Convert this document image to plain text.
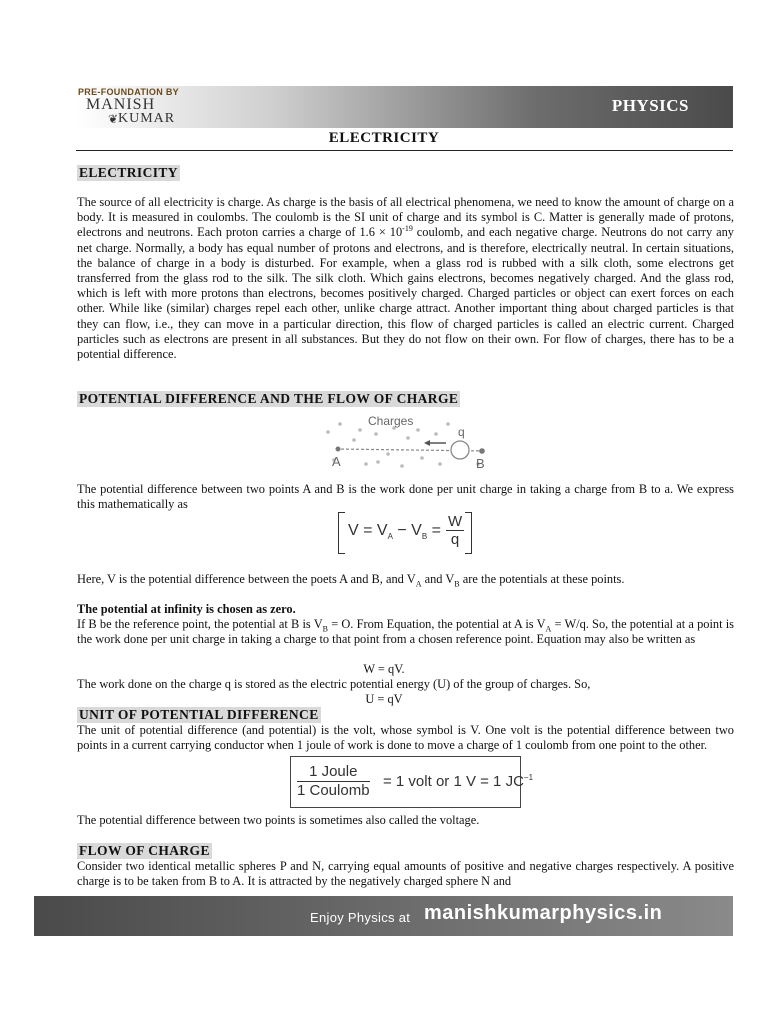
PRE-FOUNDATION BY
MANISH
❦ KUMAR
PHYSICS
ELECTRICITY
ELECTRICITY

The source of all electricity is charge. As charge is the basis of all electrical phenomena, we need to know the amount of charge on a body. It is measured in coulombs. The coulomb is the SI unit of charge and its symbol is C. Matter is generally made of protons, electrons and neutrons. Each proton carries a charge of $1.6 \times 10^{-19}$ coulomb, and each negative charge. Neutrons do not carry any net charge. Normally, a body has equal number of protons and electrons, and is therefore, electrically neutral. In certain situations, the balance of charge in a body is disturbed. For example, when a glass rod is rubbed with a silk cloth, some electrons get transferred from the glass rod to the silk. The silk cloth. Which gains electrons, becomes negatively charged. And the glass rod, which is left with more protons than electrons, becomes positively charged. Charged particles or object can exert forces on each other. While like (similar) charges repel each other, unlike charge attract. Another important thing about charged particles is that they can flow, i.e., they can move in a particular direction, this flow of charged particles is called an electric current. Charged particles such as electrons are present in all substances. But they do not flow on their own. For flow of charges, there has to be a potential difference.

POTENTIAL DIFFERENCE AND THE FLOW OF CHARGE
Charges
q
A	B

The potential difference between two points A and B is the work done per unit charge in taking a charge from B to a. We express this mathematically as

$V = V_A - V_B = \frac{W}{q}$

Here, V is the potential difference between the poets A and B, and $V_A$ and $V_B$ are the potentials at these points.

The potential at infinity is chosen as zero.

If B be the reference point, the potential at B is $V_B = O$. From Equation, the potential at A is $V_A = W/q$. So, the potential at a point is the work done per unit charge in taking a charge to that point from a chosen reference point. Equation may also be written as

W = qV.

The work done on the charge q is stored as the electric potential energy (U) of the group of charges. So,

U = qV
UNIT OF POTENTIAL DIFFERENCE

The unit of potential difference (and potential) is the volt, whose symbol is V. One volt is the potential difference between two points in a current carrying conductor when 1 joule of work is done to move a charge of 1 coulomb from one point to the other.

1 Joule
1 Coulomb
= 1 volt or 1 V = 1 $JC^{-1}$

The potential difference between two points is sometimes also called the voltage.

FLOW OF CHARGE

Consider two identical metallic spheres P and N, carrying equal amounts of positive and negative charges respectively. A positive charge is to be taken from B to A. It is attracted by the negatively charged sphere N and

Enjoy Physics at manishkumarphysics.in
